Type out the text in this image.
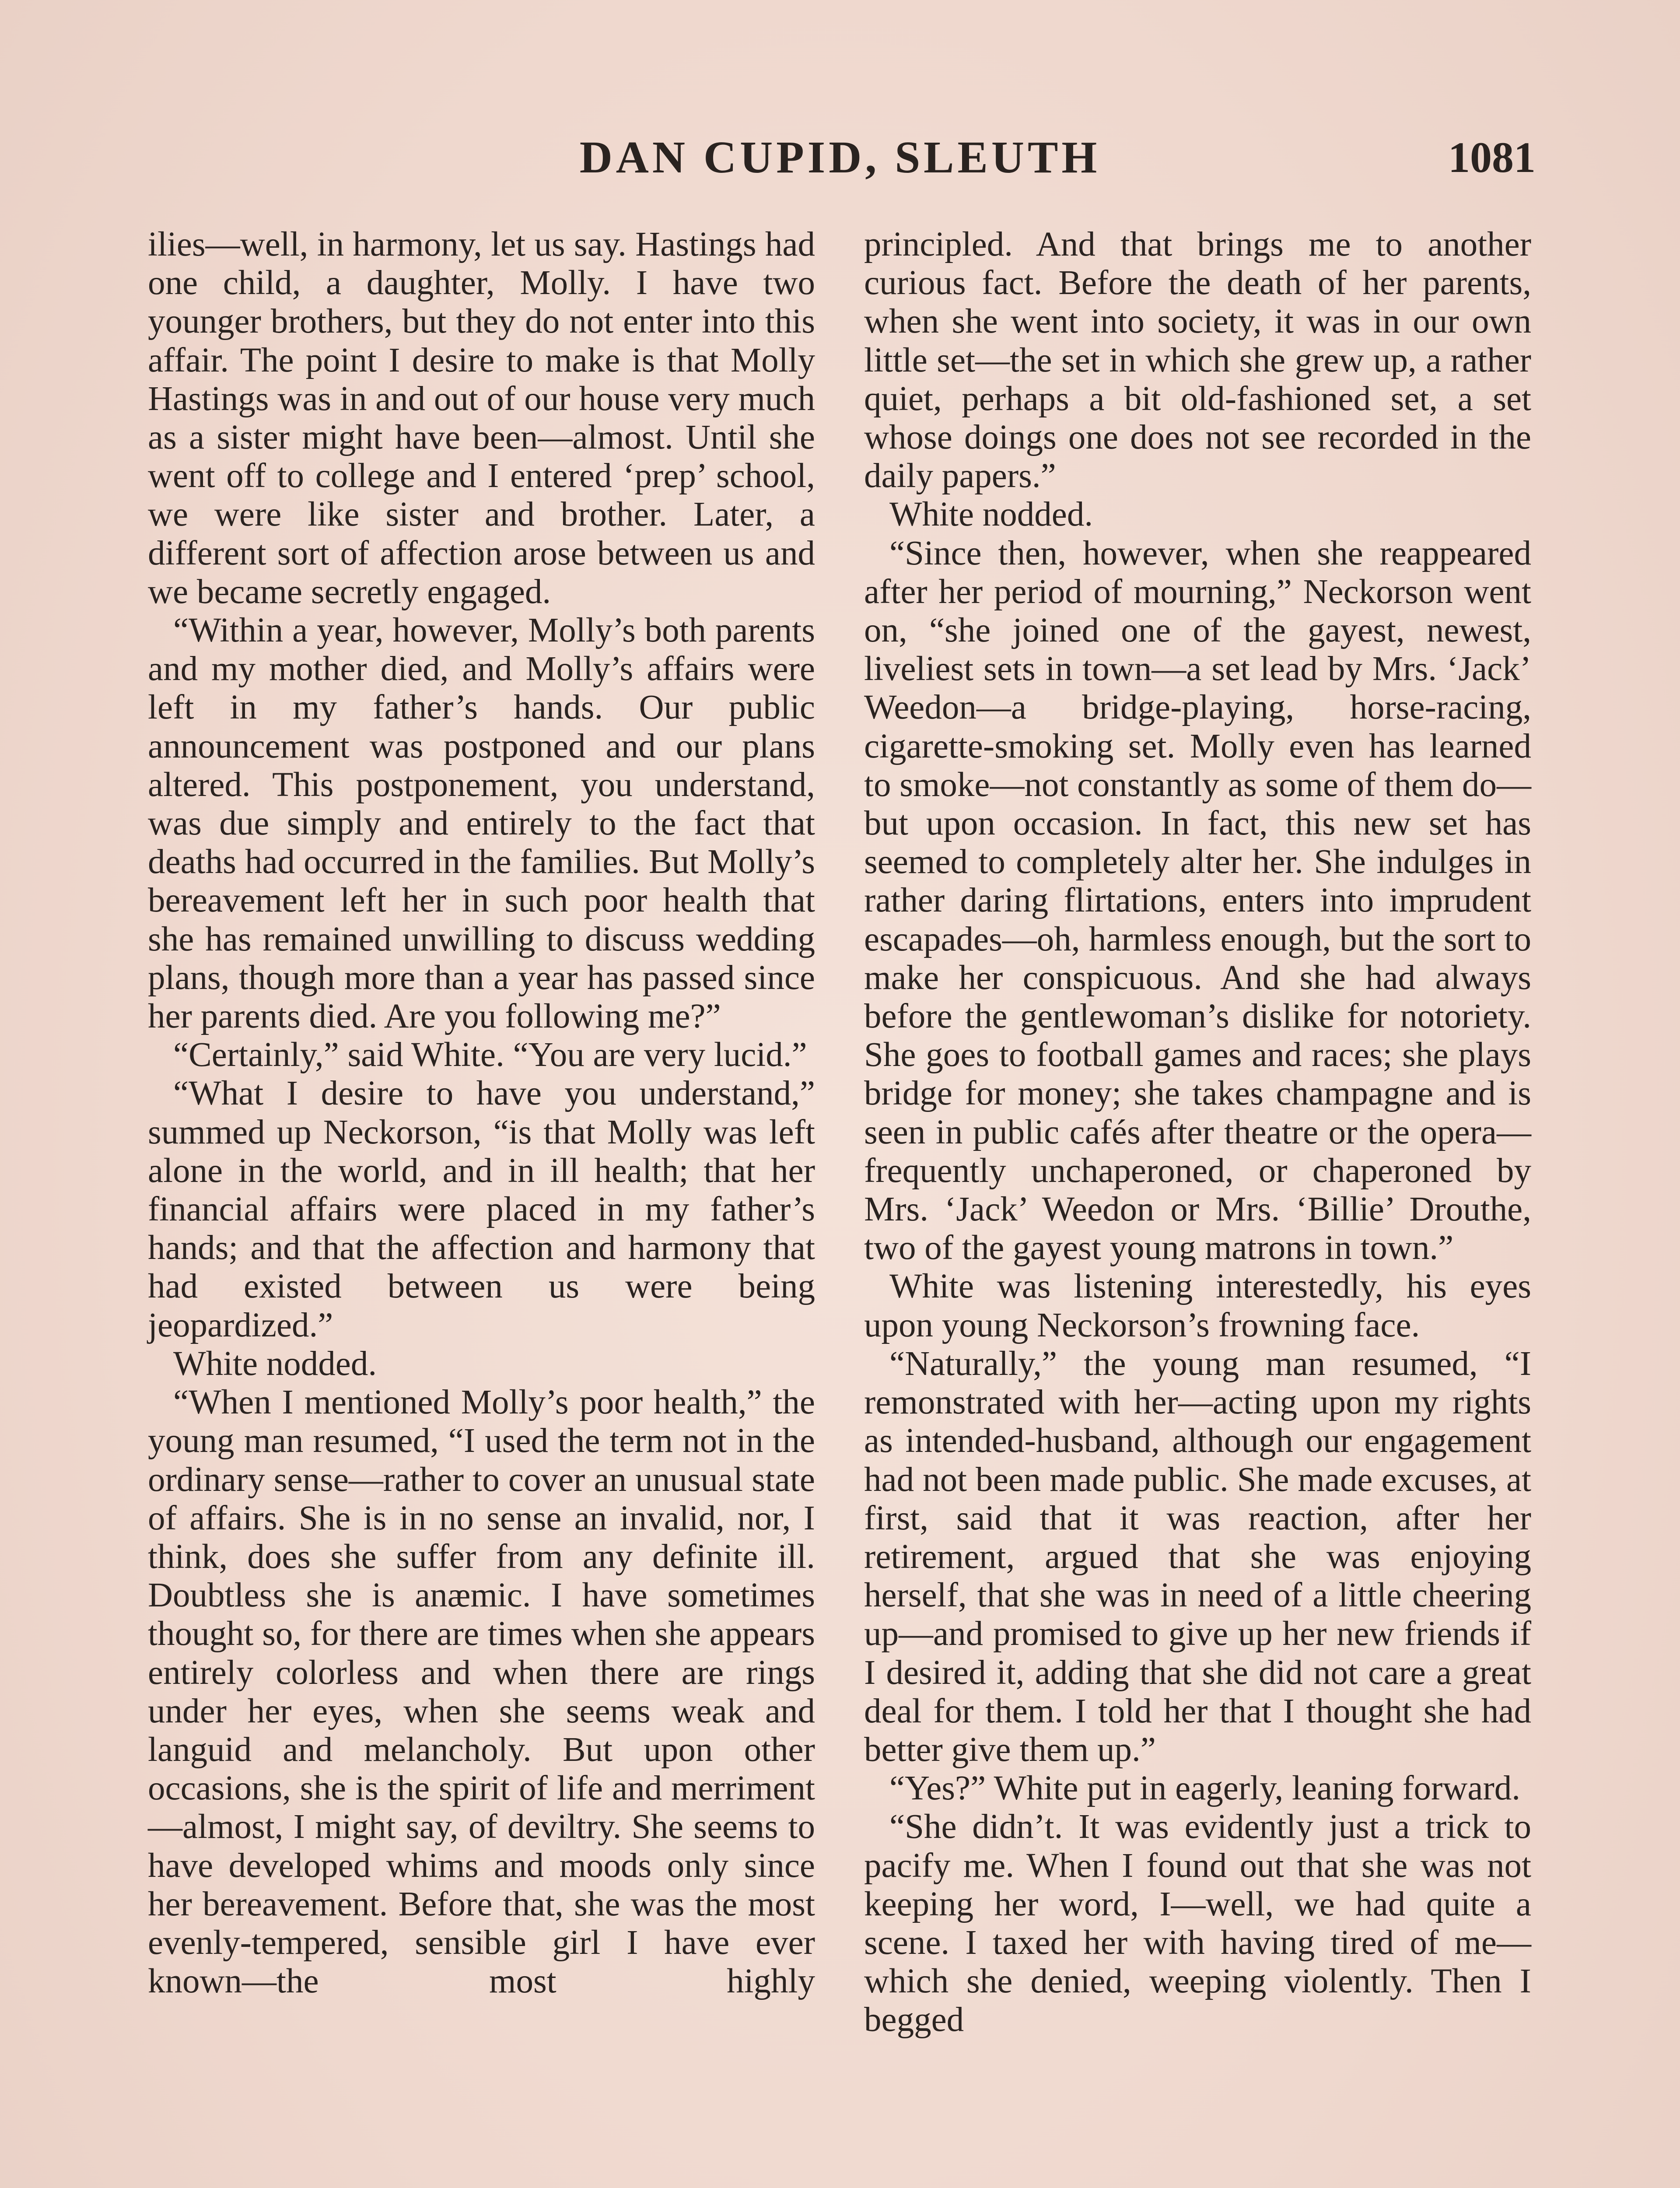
DAN CUPID, SLEUTH	1081

ilies—well, in harmony, let us say. Hastings had one child, a daughter, Molly. I have two younger brothers, but they do not enter into this affair. The point I desire to make is that Molly Hastings was in and out of our house very much as a sister might have been—almost. Until she went off to college and I entered ‘prep’ school, we were like sister and brother. Later, a different sort of affection arose between us and we became secretly engaged.

“Within a year, however, Molly’s both parents and my mother died, and Molly’s affairs were left in my father’s hands. Our public announcement was postponed and our plans altered. This postponement, you understand, was due simply and entirely to the fact that deaths had occurred in the families. But Molly’s bereavement left her in such poor health that she has remained unwilling to discuss wedding plans, though more than a year has passed since her parents died. Are you following me?”

“Certainly,” said White. “You are very lucid.”

“What I desire to have you understand,” summed up Neckorson, “is that Molly was left alone in the world, and in ill health; that her financial affairs were placed in my father’s hands; and that the affection and harmony that had existed between us were being jeopardized.”

White nodded.

“When I mentioned Molly’s poor health,” the young man resumed, “I used the term not in the ordinary sense—rather to cover an unusual state of affairs. She is in no sense an invalid, nor, I think, does she suffer from any definite ill. Doubtless she is anæmic. I have sometimes thought so, for there are times when she appears entirely colorless and when there are rings under her eyes, when she seems weak and languid and melancholy. But upon other occasions, she is the spirit of life and merriment—almost, I might say, of deviltry. She seems to have developed whims and moods only since her bereavement. Before that, she was the most evenly-tempered, sensible girl I have ever known—the most highly

principled. And that brings me to another curious fact. Before the death of her parents, when she went into society, it was in our own little set—the set in which she grew up, a rather quiet, perhaps a bit old-fashioned set, a set whose doings one does not see recorded in the daily papers.”

White nodded.

“Since then, however, when she reappeared after her period of mourning,” Neckorson went on, “she joined one of the gayest, newest, liveliest sets in town—a set lead by Mrs. ‘Jack’ Weedon—a bridge-playing, horse-racing, cigarette-smoking set. Molly even has learned to smoke—not constantly as some of them do—but upon occasion. In fact, this new set has seemed to completely alter her. She indulges in rather daring flirtations, enters into imprudent escapades—oh, harmless enough, but the sort to make her conspicuous. And she had always before the gentlewoman’s dislike for notoriety. She goes to football games and races; she plays bridge for money; she takes champagne and is seen in public cafés after theatre or the opera—frequently unchaperoned, or chaperoned by Mrs. ‘Jack’ Weedon or Mrs. ‘Billie’ Drouthe, two of the gayest young matrons in town.”

White was listening interestedly, his eyes upon young Neckorson’s frowning face.

“Naturally,” the young man resumed, “I remonstrated with her—acting upon my rights as intended-husband, although our engagement had not been made public. She made excuses, at first, said that it was reaction, after her retirement, argued that she was enjoying herself, that she was in need of a little cheering up—and promised to give up her new friends if I desired it, adding that she did not care a great deal for them. I told her that I thought she had better give them up.”

“Yes?” White put in eagerly, leaning forward.

“She didn’t. It was evidently just a trick to pacify me. When I found out that she was not keeping her word, I—well, we had quite a scene. I taxed her with having tired of me—which she denied, weeping violently. Then I begged
